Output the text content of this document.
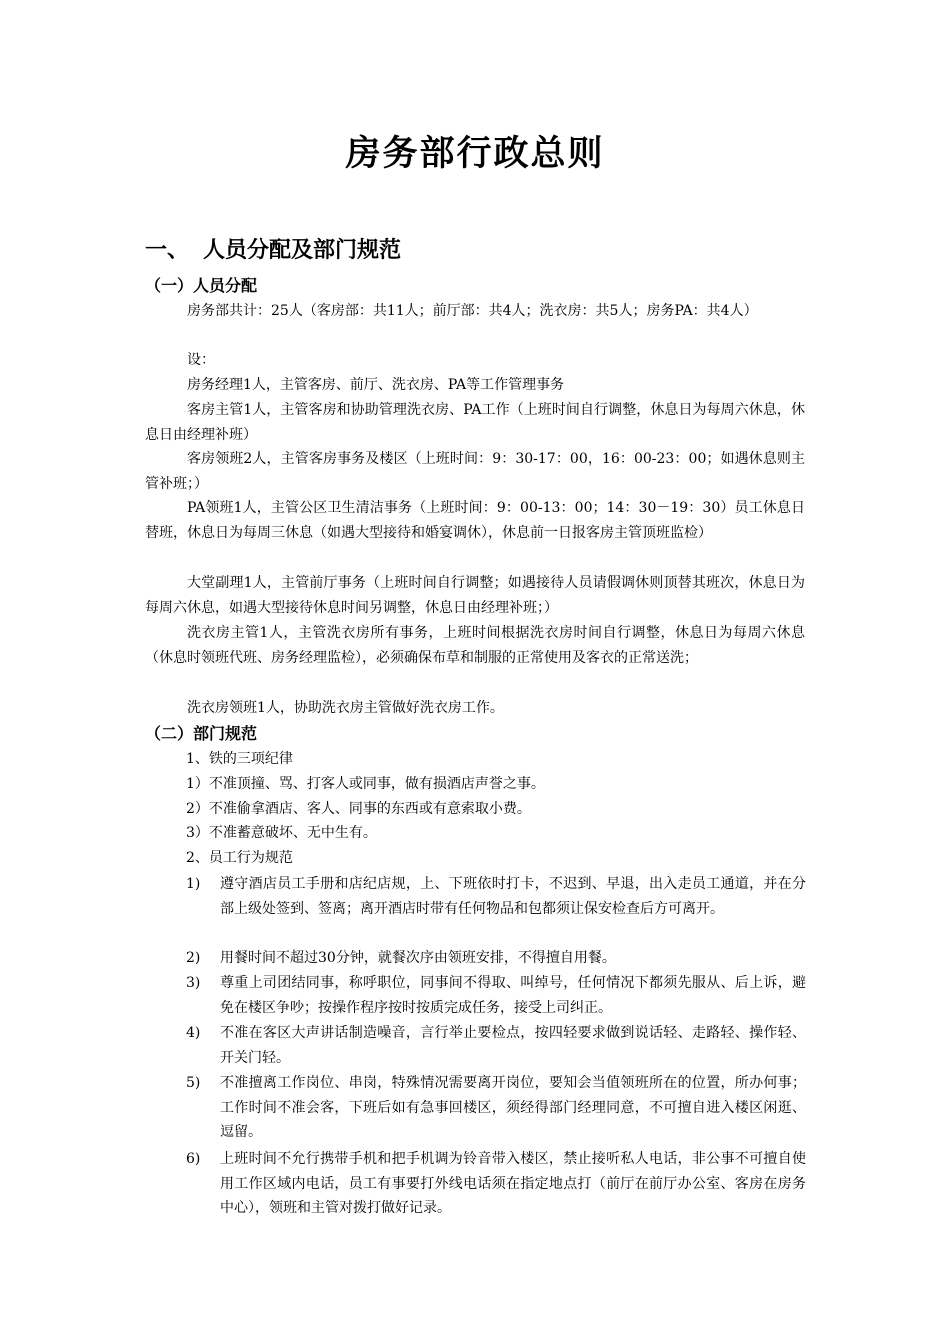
房务部行政总则
一、 人员分配及部门规范
（一）人员分配

房务部共计：25人（客房部：共11人；前厅部：共4人；洗衣房：共5人；房务PA：共4人）

设：

房务经理1人，主管客房、前厅、洗衣房、PA等工作管理事务

客房主管1人，主管客房和协助管理洗衣房、PA工作（上班时间自行调整，休息日为每周六休息，休息日由经理补班）

客房领班2人，主管客房事务及楼区（上班时间：9：30-17：00，16：00-23：00；如遇休息则主管补班；）

PA领班1人，主管公区卫生清洁事务（上班时间：9：00-13：00；14：30－19：30）员工休息日替班，休息日为每周三休息（如遇大型接待和婚宴调休），休息前一日报客房主管顶班监检）

大堂副理1人，主管前厅事务（上班时间自行调整；如遇接待人员请假调休则顶替其班次，休息日为每周六休息，如遇大型接待休息时间另调整，休息日由经理补班；）

洗衣房主管1人，主管洗衣房所有事务，上班时间根据洗衣房时间自行调整，休息日为每周六休息（休息时领班代班、房务经理监检），必须确保布草和制服的正常使用及客衣的正常送洗；

洗衣房领班1人，协助洗衣房主管做好洗衣房工作。

（二）部门规范

1、铁的三项纪律

1）不准顶撞、骂、打客人或同事，做有损酒店声誉之事。

2）不准偷拿酒店、客人、同事的东西或有意索取小费。

3）不准蓄意破坏、无中生有。

2、员工行为规范

1)	遵守酒店员工手册和店纪店规，上、下班依时打卡，不迟到、早退，出入走员工通道，并在分部上级处签到、签离；离开酒店时带有任何物品和包都须让保安检查后方可离开。
2)	用餐时间不超过30分钟，就餐次序由领班安排，不得擅自用餐。
3)	尊重上司团结同事，称呼职位，同事间不得取、叫绰号，任何情况下都须先服从、后上诉，避免在楼区争吵；按操作程序按时按质完成任务，接受上司纠正。
4)	不准在客区大声讲话制造噪音，言行举止要检点，按四轻要求做到说话轻、走路轻、操作轻、开关门轻。
5)	不准擅离工作岗位、串岗，特殊情况需要离开岗位，要知会当值领班所在的位置，所办何事；工作时间不准会客，下班后如有急事回楼区，须经得部门经理同意，不可擅自进入楼区闲逛、逗留。
6)	上班时间不允行携带手机和把手机调为铃音带入楼区，禁止接听私人电话，非公事不可擅自使用工作区域内电话，员工有事要打外线电话须在指定地点打（前厅在前厅办公室、客房在房务中心），领班和主管对拨打做好记录。
